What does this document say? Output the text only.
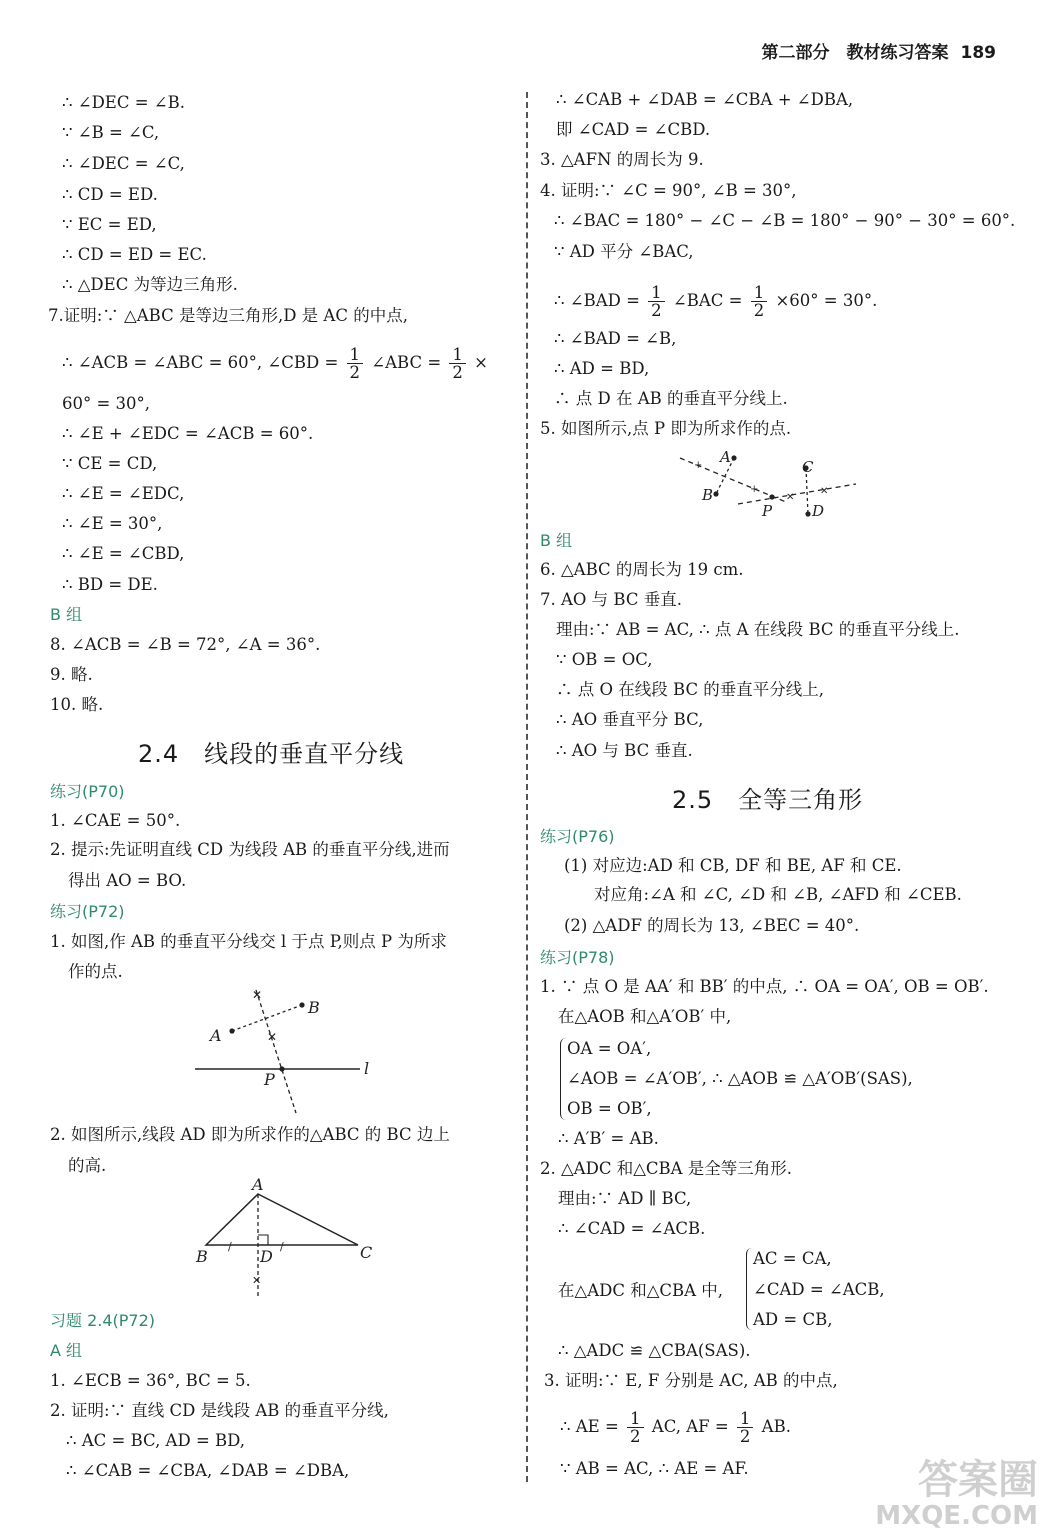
第二部分　教材练习答案 189
∴ ∠DEC = ∠B.
∵ ∠B = ∠C,
∴ ∠DEC = ∠C,
∴ CD = ED.
∵ EC = ED,
∴ CD = ED = EC.
∴ △DEC 为等边三角形.
7.证明:∵ △ABC 是等边三角形,D 是 AC 的中点,
∴ ∠ACB = ∠ABC = 60°, ∠CBD = $\frac{1}{2}$ ∠ABC = $\frac{1}{2}$ ×
60° = 30°,
∴ ∠E + ∠EDC = ∠ACB = 60°.
∵ CE = CD,
∴ ∠E = ∠EDC,
∴ ∠E = 30°,
∴ ∠E = ∠CBD,
∴ BD = DE.
B 组
8. ∠ACB = ∠B = 72°, ∠A = 36°.
9. 略.
10. 略.
2.4　线段的垂直平分线
练习(P70)
1. ∠CAE = 50°.
2. 提示:先证明直线 CD 为线段 AB 的垂直平分线,进而
得出 AO = BO.
练习(P72)
1. 如图,作 AB 的垂直平分线交 l 于点 P,则点 P 为所求
作的点.
✕
✕
A
B
P
l
2. 如图所示,线段 AD 即为所求作的△ABC 的 BC 边上
的高.
✕
/	/
A
B	C
D
习题 2.4(P72)
A 组
1. ∠ECB = 36°, BC = 5.
2. 证明:∵ 直线 CD 是线段 AB 的垂直平分线,
∴ AC = BC, AD = BD,
∴ ∠CAB = ∠CBA, ∠DAB = ∠DBA,
∴ ∠CAB + ∠DAB = ∠CBA + ∠DBA,
即 ∠CAD = ∠CBD.
3. △AFN 的周长为 9.
4. 证明:∵ ∠C = 90°, ∠B = 30°,
∴ ∠BAC = 180° − ∠C − ∠B = 180° − 90° − 30° = 60°.
∵ AD 平分 ∠BAC,
∴ ∠BAD = $\frac{1}{2}$ ∠BAC = $\frac{1}{2} \times 60^\circ = 30^\circ$.
∴ ∠BAD = ∠B,
∴ AD = BD,
∴ 点 D 在 AB 的垂直平分线上.
5. 如图所示,点 P 即为所求作的点.
+
+
✕
✕
A
B
C
D
P
B 组
6. △ABC 的周长为 19 cm.
7. AO 与 BC 垂直.
理由:∵ AB = AC, ∴ 点 A 在线段 BC 的垂直平分线上.
∵ OB = OC,
∴ 点 O 在线段 BC 的垂直平分线上,
∴ AO 垂直平分 BC,
∴ AO 与 BC 垂直.
2.5　全等三角形
练习(P76)
(1) 对应边:AD 和 CB, DF 和 BE, AF 和 CE.
对应角:∠A 和 ∠C, ∠D 和 ∠B, ∠AFD 和 ∠CEB.
(2) △ADF 的周长为 13, ∠BEC = 40°.
练习(P78)
1. ∵ 点 O 是 AA′ 和 BB′ 的中点, ∴ OA = OA′, OB = OB′.
在△AOB 和△A′OB′ 中,
OA = OA′,
∠AOB = ∠A′OB′, ∴ △AOB ≌ △A′OB′(SAS),
OB = OB′,
∴ A′B′ = AB.
2. △ADC 和△CBA 是全等三角形.
理由:∵ AD ∥ BC,
∴ ∠CAD = ∠ACB.
在△ADC 和△CBA 中,
AC = CA,
∠CAD = ∠ACB,
AD = CB,
∴ △ADC ≌ △CBA(SAS).
3. 证明:∵ E, F 分别是 AC, AB 的中点,
∴ AE = $\frac{1}{2}$ AC, AF = $\frac{1}{2}$ AB.
∵ AB = AC, ∴ AE = AF.	答案圈
MXQE.COM
